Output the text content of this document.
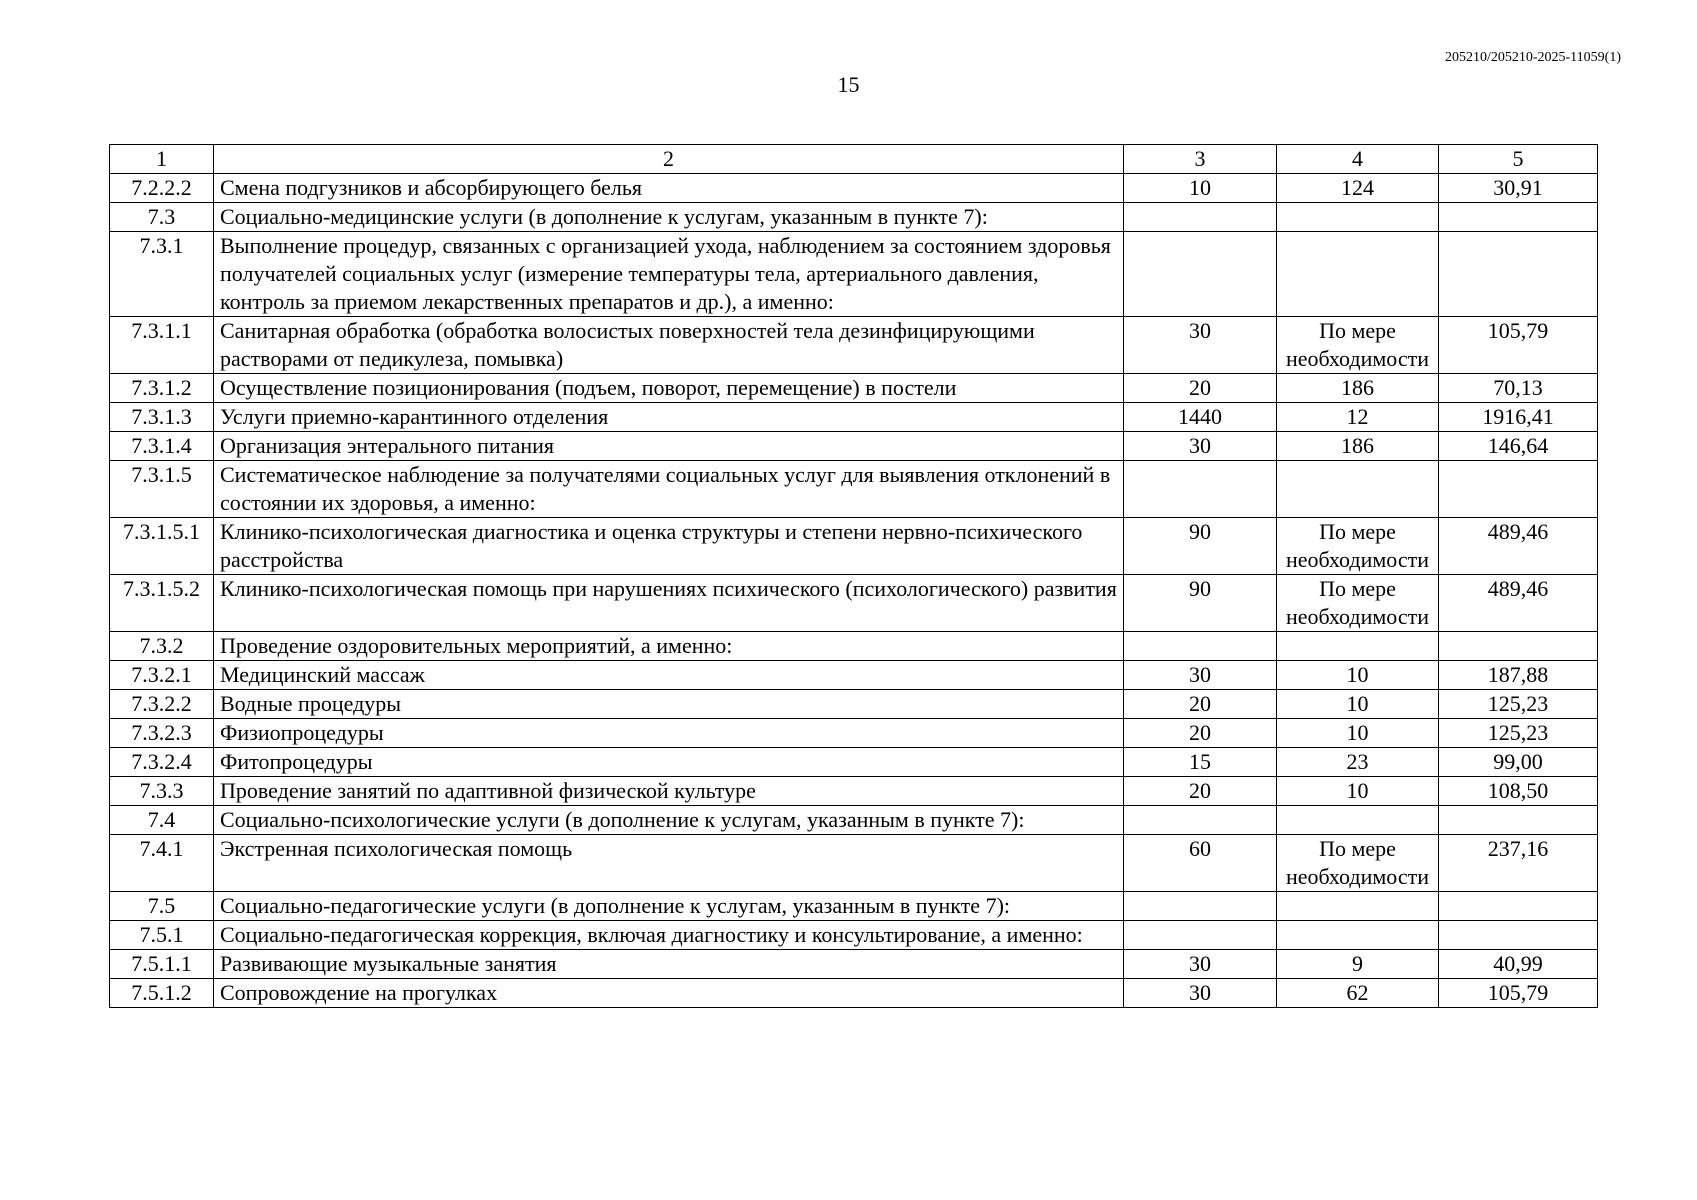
205210/205210-2025-11059(1)
15
1	2	3	4	5
7.2.2.2	Смена подгузников и абсорбирующего белья	10	124	30,91
7.3	Социально-медицинские услуги (в дополнение к услугам, указанным в пункте 7):			
7.3.1	Выполнение процедур, связанных с организацией ухода, наблюдением за состоянием здоровья получателей социальных услуг (измерение температуры тела, артериального давления, контроль за приемом лекарственных препаратов и др.), а именно:			
7.3.1.1	Санитарная обработка (обработка волосистых поверхностей тела дезинфицирующими растворами от педикулеза, помывка)	30	По мере необходимости	105,79
7.3.1.2	Осуществление позиционирования (подъем, поворот, перемещение) в постели	20	186	70,13
7.3.1.3	Услуги приемно-карантинного отделения	1440	12	1916,41
7.3.1.4	Организация энтерального питания	30	186	146,64
7.3.1.5	Систематическое наблюдение за получателями социальных услуг для выявления отклонений в состоянии их здоровья, а именно:			
7.3.1.5.1	Клинико-психологическая диагностика и оценка структуры и степени нервно-психического расстройства	90	По мере необходимости	489,46
7.3.1.5.2	Клинико-психологическая помощь при нарушениях психического (психологического) развития	90	По мере необходимости	489,46
7.3.2	Проведение оздоровительных мероприятий, а именно:			
7.3.2.1	Медицинский массаж	30	10	187,88
7.3.2.2	Водные процедуры	20	10	125,23
7.3.2.3	Физиопроцедуры	20	10	125,23
7.3.2.4	Фитопроцедуры	15	23	99,00
7.3.3	Проведение занятий по адаптивной физической культуре	20	10	108,50
7.4	Социально-психологические услуги (в дополнение к услугам, указанным в пункте 7):			
7.4.1	Экстренная психологическая помощь	60	По мере необходимости	237,16
7.5	Социально-педагогические услуги (в дополнение к услугам, указанным в пункте 7):			
7.5.1	Социально-педагогическая коррекция, включая диагностику и консультирование, а именно:			
7.5.1.1	Развивающие музыкальные занятия	30	9	40,99
7.5.1.2	Сопровождение на прогулках	30	62	105,79
